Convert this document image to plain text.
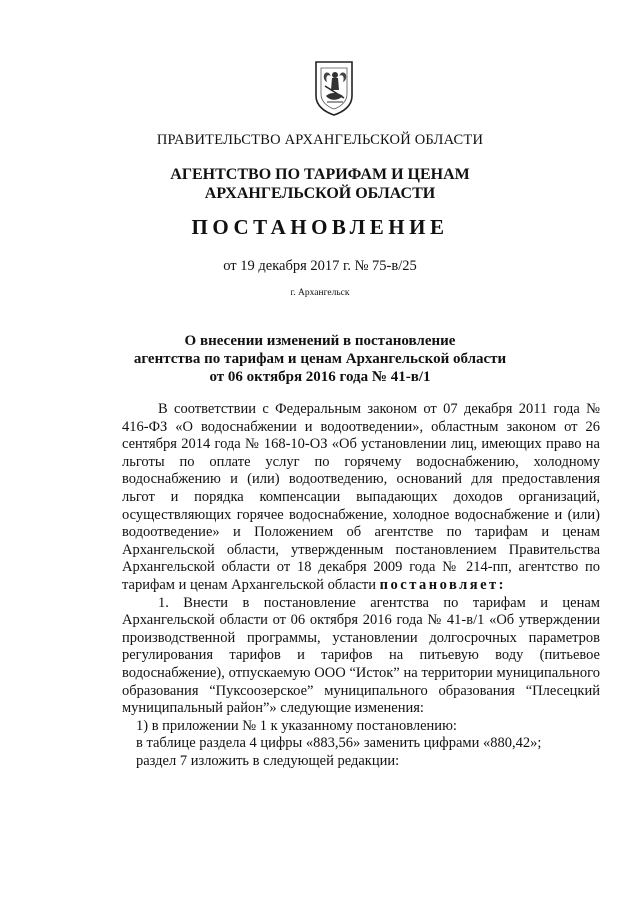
ПРАВИТЕЛЬСТВО АРХАНГЕЛЬСКОЙ ОБЛАСТИ
АГЕНТСТВО ПО ТАРИФАМ И ЦЕНАМ
АРХАНГЕЛЬСКОЙ ОБЛАСТИ
ПОСТАНОВЛЕНИЕ
от 19 декабря 2017 г. № 75-в/25
г. Архангельск
О внесении изменений в постановление
агентства по тарифам и ценам Архангельской области
от 06 октября 2016 года № 41-в/1

В соответствии с Федеральным законом от 07 декабря 2011 года № 416-ФЗ «О водоснабжении и водоотведении», областным законом от 26 сентября 2014 года № 168-10-ОЗ «Об установлении лиц, имеющих право на льготы по оплате услуг по горячему водоснабжению, холодному водоснабжению и (или) водоотведению, оснований для предоставления льгот и порядка компенсации выпадающих доходов организаций, осуществляющих горячее водоснабжение, холодное водоснабжение и (или) водоотведение» и Положением об агентстве по тарифам и ценам Архангельской области, утвержденным постановлением Правительства Архангельской области от 18 декабря 2009 года № 214-пп, агентство по тарифам и ценам Архангельской области постановляет:

1. Внести в постановление агентства по тарифам и ценам Архангельской области от 06 октября 2016 года № 41-в/1 «Об утверждении производственной программы, установлении долгосрочных параметров регулирования тарифов и тарифов на питьевую воду (питьевое водоснабжение), отпускаемую ООО “Исток” на территории муниципального образования “Пуксоозерское” муниципального образования “Плесецкий муниципальный район”» следующие изменения:

1) в приложении № 1 к указанному постановлению:

в таблице раздела 4 цифры «883,56» заменить цифрами «880,42»;

раздел 7 изложить в следующей редакции:
